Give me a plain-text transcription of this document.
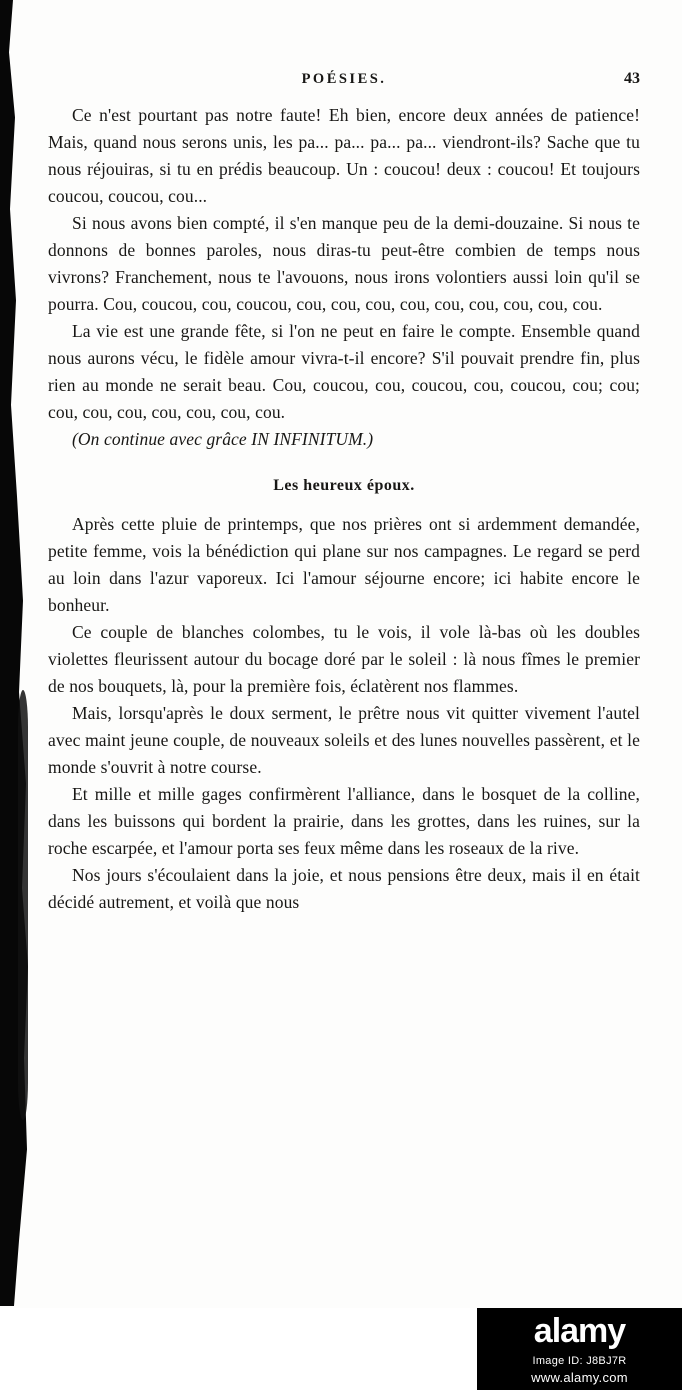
POÉSIES.	43

Ce n'est pourtant pas notre faute! Eh bien, encore deux années de patience! Mais, quand nous serons unis, les pa... pa... pa... pa... viendront-ils? Sache que tu nous réjouiras, si tu en prédis beaucoup. Un : coucou! deux : coucou! Et toujours coucou, coucou, cou...

Si nous avons bien compté, il s'en manque peu de la demi-douzaine. Si nous te donnons de bonnes paroles, nous diras-tu peut-être combien de temps nous vivrons? Franchement, nous te l'avouons, nous irons volontiers aussi loin qu'il se pourra. Cou, coucou, cou, coucou, cou, cou, cou, cou, cou, cou, cou, cou, cou.

La vie est une grande fête, si l'on ne peut en faire le compte. Ensemble quand nous aurons vécu, le fidèle amour vivra-t-il encore? S'il pouvait prendre fin, plus rien au monde ne serait beau. Cou, coucou, cou, coucou, cou, coucou, cou; cou; cou, cou, cou, cou, cou, cou, cou.

(On continue avec grâce IN INFINITUM.)

Les heureux époux.

Après cette pluie de printemps, que nos prières ont si ardemment demandée, petite femme, vois la bénédiction qui plane sur nos campagnes. Le regard se perd au loin dans l'azur vaporeux. Ici l'amour séjourne encore; ici habite encore le bonheur.

Ce couple de blanches colombes, tu le vois, il vole là-bas où les doubles violettes fleurissent autour du bocage doré par le soleil : là nous fîmes le premier de nos bouquets, là, pour la première fois, éclatèrent nos flammes.

Mais, lorsqu'après le doux serment, le prêtre nous vit quitter vivement l'autel avec maint jeune couple, de nouveaux soleils et des lunes nouvelles passèrent, et le monde s'ouvrit à notre course.

Et mille et mille gages confirmèrent l'alliance, dans le bosquet de la colline, dans les buissons qui bordent la prairie, dans les grottes, dans les ruines, sur la roche escarpée, et l'amour porta ses feux même dans les roseaux de la rive.

Nos jours s'écoulaient dans la joie, et nous pensions être deux, mais il en était décidé autrement, et voilà que nous

alamy
Image ID: J8BJ7R
www.alamy.com
